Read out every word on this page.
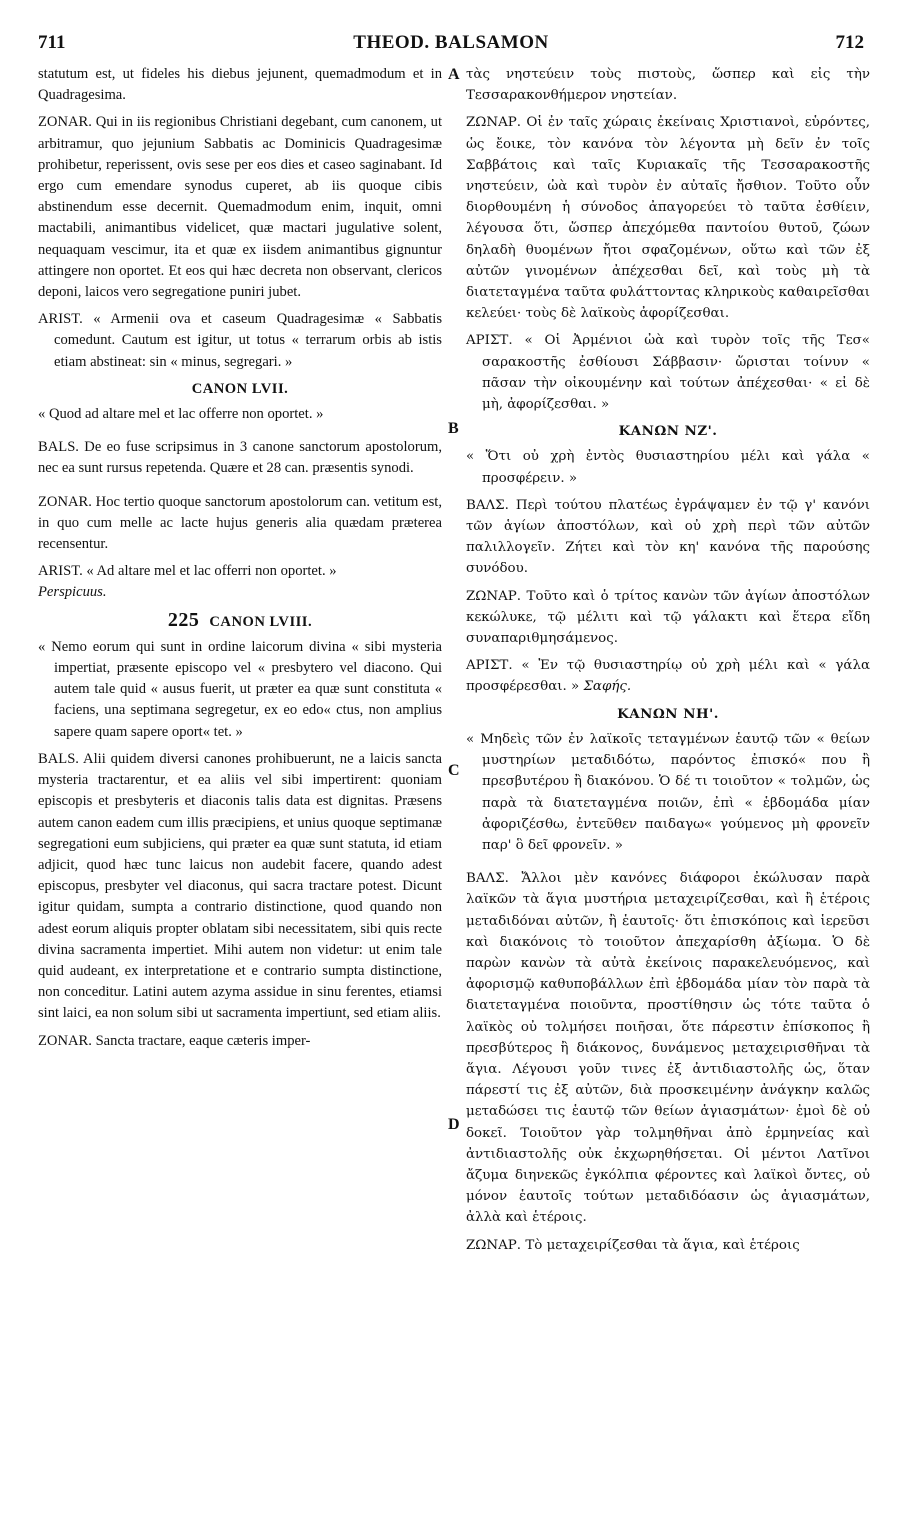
711	THEOD. BALSAMON	712
A
B
C
D

statutum est, ut fideles his diebus jejunent, quemadmodum et in Quadragesima.

ZONAR. Qui in iis regionibus Christiani degebant, cum canonem, ut arbitramur, quo jejunium Sabbatis ac Dominicis Quadragesimæ prohibetur, reperissent, ovis sese per eos dies et caseo saginabant. Id ergo cum emendare synodus cuperet, ab iis quoque cibis abstinendum esse decernit. Quemadmodum enim, inquit, omni mactabili, animantibus videlicet, quæ mactari jugulative solent, nequaquam vescimur, ita et quæ ex iisdem animantibus gignuntur attingere non oportet. Et eos qui hæc decreta non observant, clericos deponi, laicos vero segregatione puniri jubet.

ARIST. « Armenii ova et caseum Quadragesimæ « Sabbatis comedunt. Cautum est igitur, ut totus « terrarum orbis ab istis etiam abstineat: sin « minus, segregari. »

CANON LVII.

« Quod ad altare mel et lac offerre non oportet. »

BALS. De eo fuse scripsimus in 3 canone sanctorum apostolorum, nec ea sunt rursus repetenda. Quære et 28 can. præsentis synodi.

ZONAR. Hoc tertio quoque sanctorum apostolorum can. vetitum est, in quo cum melle ac lacte hujus generis alia quædam præterea recensentur.

ARIST. « Ad altare mel et lac offerri non oportet. »
Perspicuus.

225 CANON LVIII.

« Nemo eorum qui sunt in ordine laicorum divina « sibi mysteria impertiat, præsente episcopo vel « presbytero vel diacono. Qui autem tale quid « ausus fuerit, ut præter ea quæ sunt constituta « faciens, una septimana segregetur, ex eo edo« ctus, non amplius sapere quam sapere oport« tet. »

BALS. Alii quidem diversi canones prohibuerunt, ne a laicis sancta mysteria tractarentur, et ea aliis vel sibi impertirent: quoniam episcopis et presbyteris et diaconis talis data est dignitas. Præsens autem canon eadem cum illis præcipiens, et unius quoque septimanæ segregationi eum subjiciens, qui præter ea quæ sunt statuta, id etiam adjicit, quod hæc tunc laicus non audebit facere, quando adest episcopus, presbyter vel diaconus, qui sacra tractare potest. Dicunt igitur quidam, sumpta a contrario distinctione, quod quando non adest eorum aliquis propter oblatam sibi necessitatem, sibi quis recte divina sacramenta impertiet. Mihi autem non videtur: ut enim tale quid audeant, ex interpretatione et e contrario sumpta distinctione, non conceditur. Latini autem azyma assidue in sinu ferentes, etiamsi sint laici, ea non solum sibi ut sacramenta impertiunt, sed etiam aliis.

ZONAR. Sancta tractare, eaque cæteris imper-

τὰς νηστεύειν τοὺς πιστοὺς, ὥσπερ καὶ εἰς τὴν Τεσσαρακονθήμερον νηστείαν.

ΖΩΝΑΡ. Οἱ ἐν ταῖς χώραις ἐκείναις Χριστιανοὶ, εὑρόντες, ὡς ἔοικε, τὸν κανόνα τὸν λέγοντα μὴ δεῖν ἐν τοῖς Σαββάτοις καὶ ταῖς Κυριακαῖς τῆς Τεσσαρακοστῆς νηστεύειν, ὠὰ καὶ τυρὸν ἐν αὐταῖς ἤσθιον. Τοῦτο οὖν διορθουμένη ἡ σύνοδος ἀπαγορεύει τὸ ταῦτα ἐσθίειν, λέγουσα ὅτι, ὥσπερ ἀπεχόμεθα παντοίου θυτοῦ, ζώων δηλαδὴ θυομένων ἤτοι σφαζομένων, οὕτω καὶ τῶν ἐξ αὐτῶν γινομένων ἀπέχεσθαι δεῖ, καὶ τοὺς μὴ τὰ διατεταγμένα ταῦτα φυλάττοντας κληρικοὺς καθαιρεῖσθαι κελεύει· τοὺς δὲ λαϊκοὺς ἀφορίζεσθαι.

ΑΡΙΣΤ. « Οἱ Ἀρμένιοι ὠὰ καὶ τυρὸν τοῖς τῆς Τεσ« σαρακοστῆς ἐσθίουσι Σάββασιν· ὥρισται τοίνυν « πᾶσαν τὴν οἰκουμένην καὶ τούτων ἀπέχεσθαι· « εἰ δὲ μὴ, ἀφορίζεσθαι. »

ΚΑΝΩΝ ΝΖ'.

« Ὅτι οὐ χρὴ ἐντὸς θυσιαστηρίου μέλι καὶ γάλα « προσφέρειν. »

ΒΑΛΣ. Περὶ τούτου πλατέως ἐγράψαμεν ἐν τῷ γ' κανόνι τῶν ἁγίων ἀποστόλων, καὶ οὐ χρὴ περὶ τῶν αὐτῶν παλιλλογεῖν. Ζήτει καὶ τὸν κη' κανόνα τῆς παρούσης συνόδου.

ΖΩΝΑΡ. Τοῦτο καὶ ὁ τρίτος κανὼν τῶν ἁγίων ἀποστόλων κεκώλυκε, τῷ μέλιτι καὶ τῷ γάλακτι καὶ ἕτερα εἴδη συναπαριθμησάμενος.

ΑΡΙΣΤ. « Ἐν τῷ θυσιαστηρίῳ οὐ χρὴ μέλι καὶ « γάλα προσφέρεσθαι. » Σαφής.

ΚΑΝΩΝ ΝΗ'.

« Μηδεὶς τῶν ἐν λαϊκοῖς τεταγμένων ἑαυτῷ τῶν « θείων μυστηρίων μεταδιδότω, παρόντος ἐπισκό« που ἢ πρεσβυτέρου ἢ διακόνου. Ὁ δέ τι τοιοῦτον « τολμῶν, ὡς παρὰ τὰ διατεταγμένα ποιῶν, ἐπὶ « ἑβδομάδα μίαν ἀφοριζέσθω, ἐντεῦθεν παιδαγω« γούμενος μὴ φρονεῖν παρ' ὃ δεῖ φρονεῖν. »

ΒΑΛΣ. Ἄλλοι μὲν κανόνες διάφοροι ἐκώλυσαν παρὰ λαϊκῶν τὰ ἅγια μυστήρια μεταχειρίζεσθαι, καὶ ἢ ἑτέροις μεταδιδόναι αὐτῶν, ἢ ἑαυτοῖς· ὅτι ἐπισκόποις καὶ ἱερεῦσι καὶ διακόνοις τὸ τοιοῦτον ἀπεχαρίσθη ἀξίωμα. Ὁ δὲ παρὼν κανὼν τὰ αὐτὰ ἐκείνοις παρακελευόμενος, καὶ ἀφορισμῷ καθυποβάλλων ἐπὶ ἑβδομάδα μίαν τὸν παρὰ τὰ διατεταγμένα ποιοῦντα, προστίθησιν ὡς τότε ταῦτα ὁ λαϊκὸς οὐ τολμήσει ποιῆσαι, ὅτε πάρεστιν ἐπίσκοπος ἢ πρεσβύτερος ἢ διάκονος, δυνάμενος μεταχειρισθῆναι τὰ ἅγια. Λέγουσι γοῦν τινες ἐξ ἀντιδιαστολῆς ὡς, ὅταν πάρεστί τις ἐξ αὐτῶν, διὰ προσκειμένην ἀνάγκην καλῶς μεταδώσει τις ἑαυτῷ τῶν θείων ἁγιασμάτων· ἐμοὶ δὲ οὐ δοκεῖ. Τοιοῦτον γὰρ τολμηθῆναι ἀπὸ ἑρμηνείας καὶ ἀντιδιαστολῆς οὐκ ἐκχωρηθήσεται. Οἱ μέντοι Λατῖνοι ἄζυμα διηνεκῶς ἐγκόλπια φέροντες καὶ λαϊκοὶ ὄντες, οὐ μόνον ἑαυτοῖς τούτων μεταδιδόασιν ὡς ἁγιασμάτων, ἀλλὰ καὶ ἑτέροις.

ΖΩΝΑΡ. Τὸ μεταχειρίζεσθαι τὰ ἅγια, καὶ ἑτέροις
